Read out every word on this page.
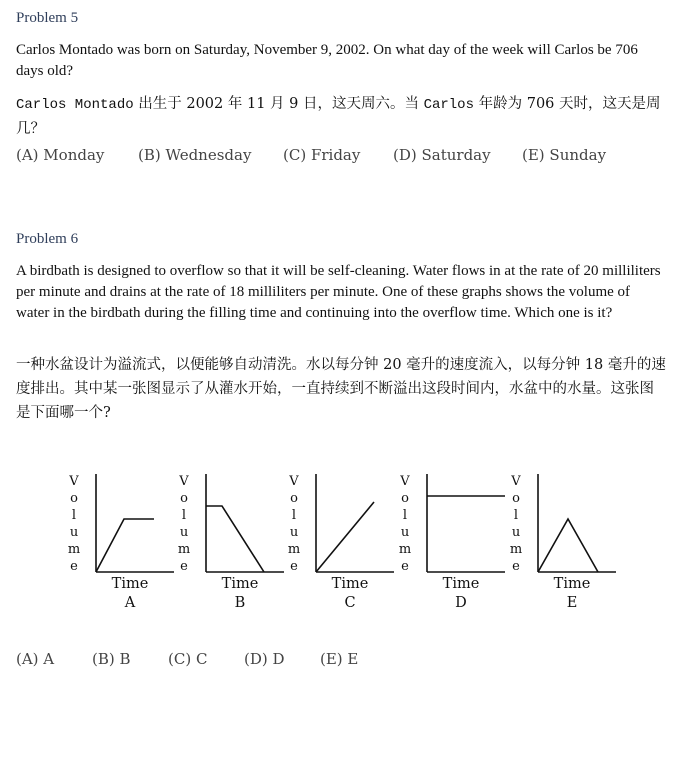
Problem 5
Carlos Montado was born on Saturday, November 9, 2002. On what day of the week will Carlos be 706 days old?
Carlos Montado 出生于 2002 年 11 月 9 日，这天周六。当 Carlos 年龄为 706 天时，这天是周几？
(A) Monday (B) Wednesday (C) Friday (D) Saturday (E) Sunday
Problem 6
A birdbath is designed to overflow so that it will be self-cleaning. Water flows in at the rate of 20 milliliters per minute and drains at the rate of 18 milliliters per minute. One of these graphs shows the volume of water in the birdbath during the filling time and continuing into the overflow time. Which one is it?
一种水盆设计为溢流式，以便能够自动清洗。水以每分钟 20 毫升的速度流入，以每分钟 18 毫升的速度排出。其中某一张图显示了从灌水开始，一直持续到不断溢出这段时间内，水盆中的水量。这张图是下面哪一个?
V
o
l
u
m
e
Time
A
V
o
l
u
m
e
Time
B
V
o
l
u
m
e
Time
C
V
o
l
u
m
e
Time
D
V
o
l
u
m
e
Time
E
(A) A	(B) B (C) C (D) D (E) E
